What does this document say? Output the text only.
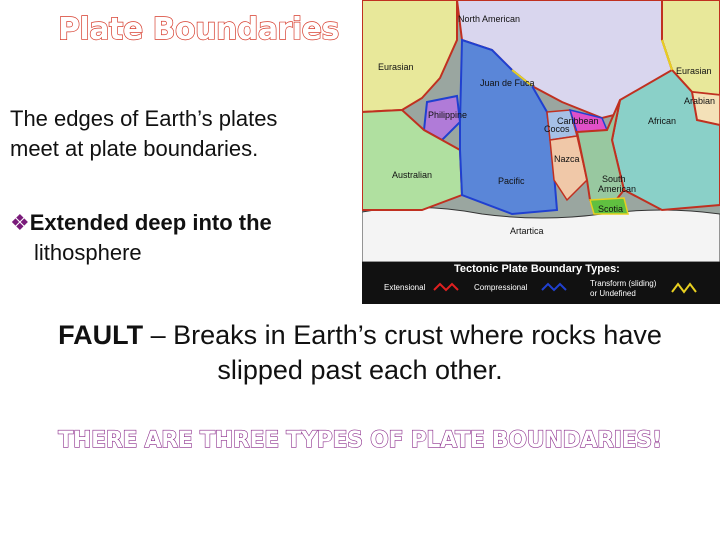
Plate Boundaries
The edges of Earth’s plates
meet at plate boundaries.
❖Extended deep into the
lithosphere
North American
Eurasian	Eurasian
Juan de Fuca
Arabian
Philippine
Caribbean
Cocos
African
Nazca
Australian
Pacific	South
American
Scotia
Artartica
Tectonic Plate Boundary Types:
Extensional	Compressional	Transform (sliding)
or Undefined
FAULT – Breaks in Earth’s crust where rocks have
slipped past each other.
THERE ARE THREE TYPES OF PLATE BOUNDARIES!
